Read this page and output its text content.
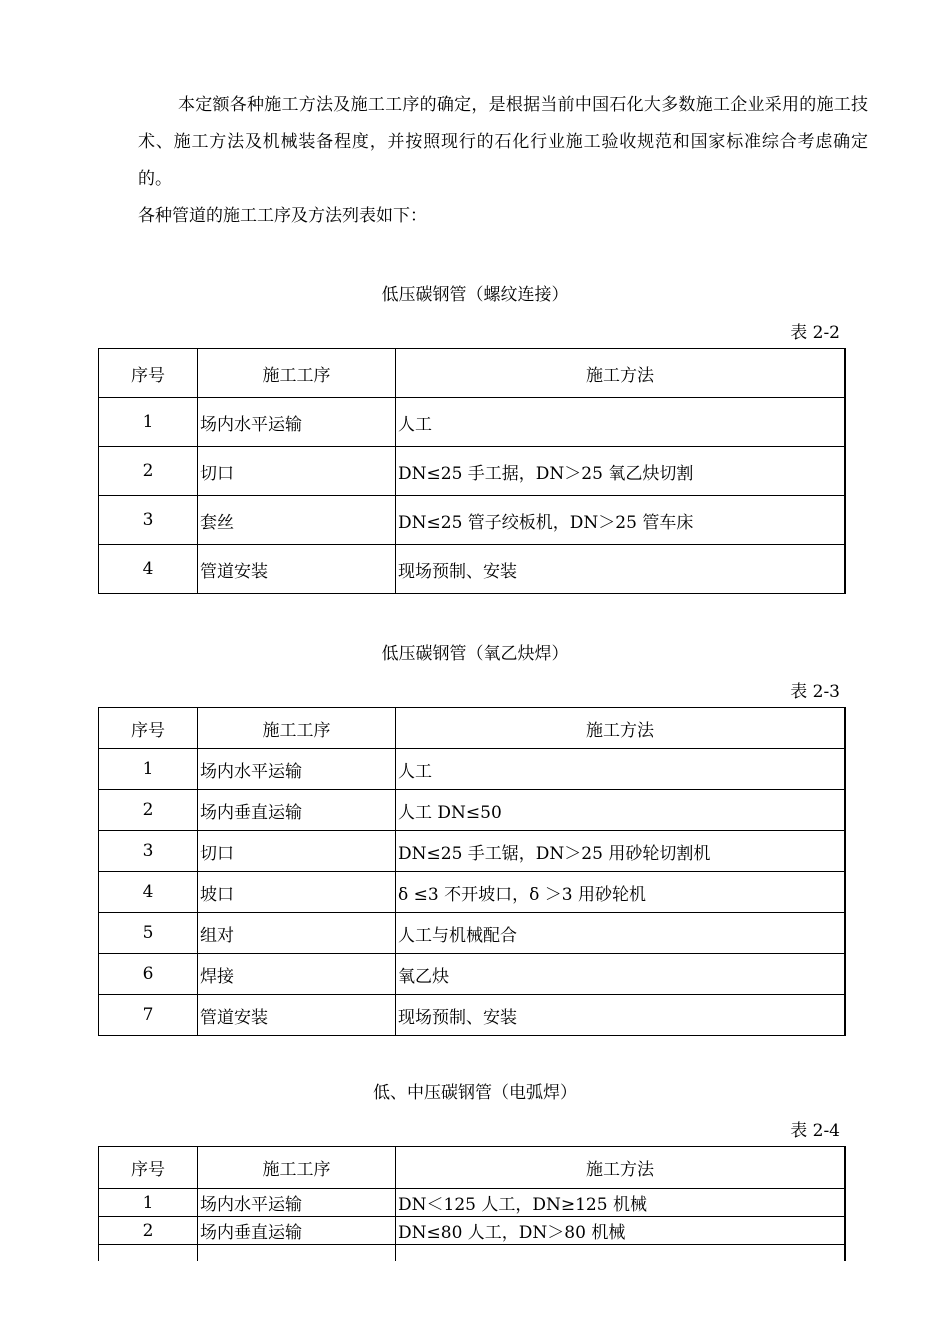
本定额各种施工方法及施工工序的确定，是根据当前中国石化大多数施工企业采用的施工技术、施工方法及机械装备程度，并按照现行的石化行业施工验收规范和国家标准综合考虑确定的。

各种管道的施工工序及方法列表如下：

低压碳钢管（螺纹连接）

表 2-2

序号	施工工序	施工方法
1	场内水平运输	人工
2	切口	DN≤25 手工据，DN＞25 氧乙炔切割
3	套丝	DN≤25 管子绞板机，DN＞25 管车床
4	管道安装	现场预制、安装

低压碳钢管（氧乙炔焊）

表 2-3

序号	施工工序	施工方法
1	场内水平运输	人工
2	场内垂直运输	人工 DN≤50
3	切口	DN≤25 手工锯，DN＞25 用砂轮切割机
4	坡口	δ ≤3 不开坡口，δ ＞3 用砂轮机
5	组对	人工与机械配合
6	焊接	氧乙炔
7	管道安装	现场预制、安装

低、中压碳钢管（电弧焊）

表 2-4

序号	施工工序	施工方法
1	场内水平运输	DN＜125 人工，DN≥125 机械
2	场内垂直运输	DN≤80 人工，DN＞80 机械
